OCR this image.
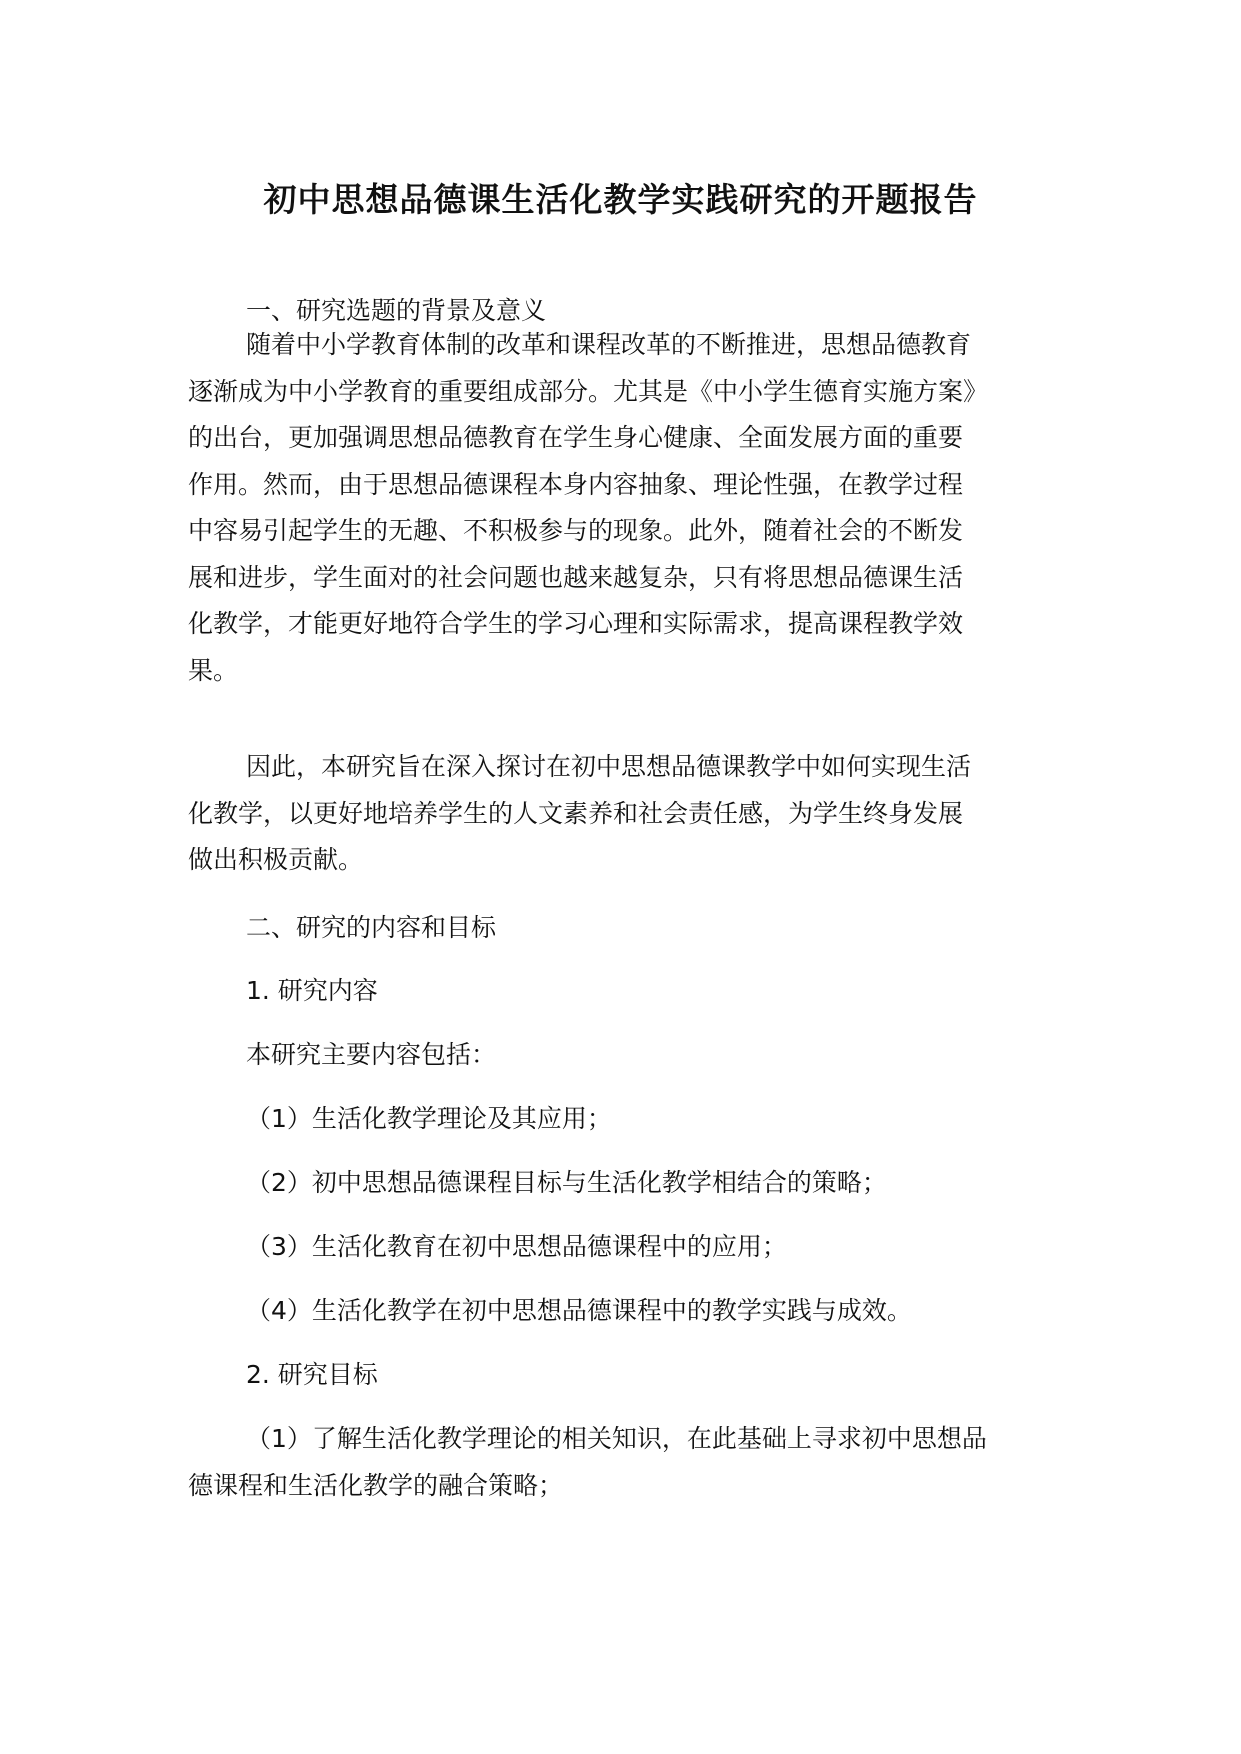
初中思想品德课生活化教学实践研究的开题报告

一、研究选题的背景及意义

随着中小学教育体制的改革和课程改革的不断推进，思想品德教育

逐渐成为中小学教育的重要组成部分。尤其是《中小学生德育实施方案》

的出台，更加强调思想品德教育在学生身心健康、全面发展方面的重要

作用。然而，由于思想品德课程本身内容抽象、理论性强，在教学过程

中容易引起学生的无趣、不积极参与的现象。此外，随着社会的不断发

展和进步，学生面对的社会问题也越来越复杂，只有将思想品德课生活

化教学，才能更好地符合学生的学习心理和实际需求，提高课程教学效

果。

因此，本研究旨在深入探讨在初中思想品德课教学中如何实现生活

化教学，以更好地培养学生的人文素养和社会责任感，为学生终身发展

做出积极贡献。

二、研究的内容和目标

1. 研究内容

本研究主要内容包括：

（1）生活化教学理论及其应用；

（2）初中思想品德课程目标与生活化教学相结合的策略；

（3）生活化教育在初中思想品德课程中的应用；

（4）生活化教学在初中思想品德课程中的教学实践与成效。

2. 研究目标

（1）了解生活化教学理论的相关知识，在此基础上寻求初中思想品

德课程和生活化教学的融合策略；
